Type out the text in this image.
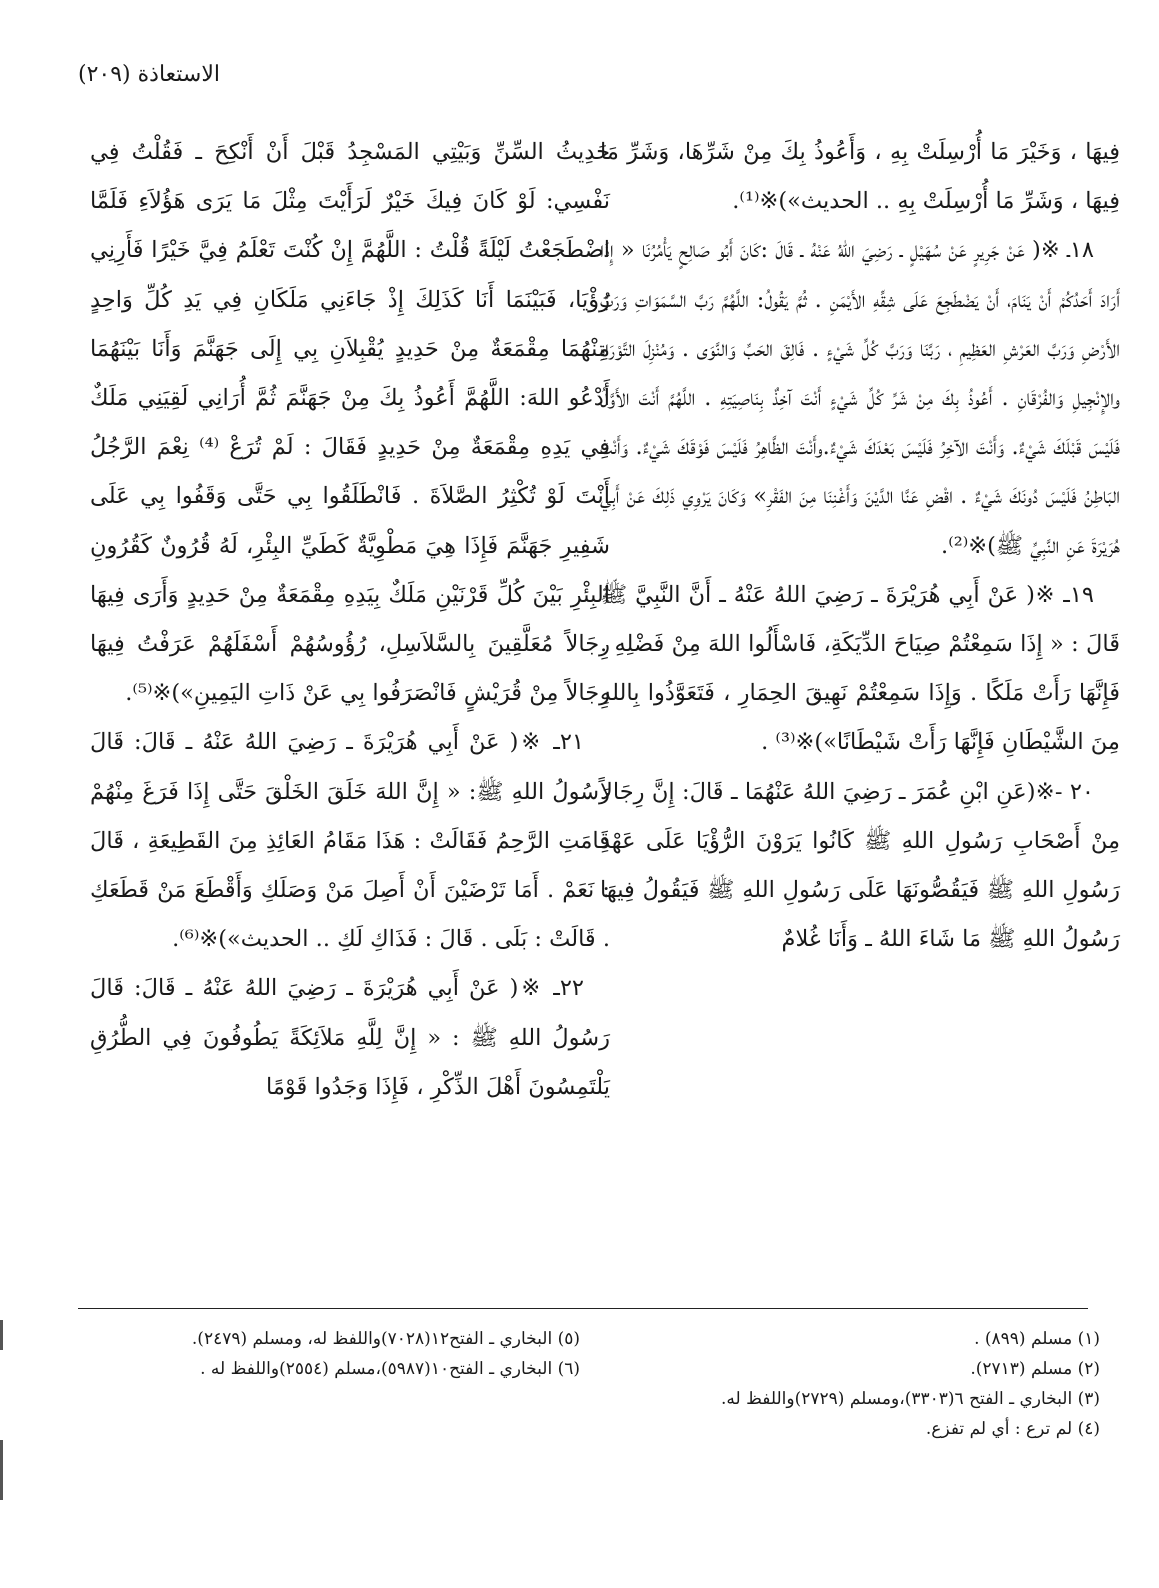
الاستعاذة (٢٠٩)

فِيهَا ، وَخَيْرَ مَا أُرْسِلَتْ بِهِ ، وَأَعُوذُ بِكَ مِنْ شَرِّهَا، وَشَرِّ مَا فِيهَا ، وَشَرِّ مَا أُرْسِلَتْ بِهِ .. الحديث»)※⁽¹⁾.

١٨ـ ※( عَنْ جَرِيرٍ عَنْ سُهَيْلٍ ـ رَضِيَ اللهُ عَنْهُ ـ قَالَ :كَانَ أَبُو صَالِحٍ يَأْمُرُنَا « إِذَا أَرَادَ أَحَدُكُمْ أَنْ يَنَامَ، أَنْ يَضْطَجِعَ عَلَى شِقِّهِ الأَيْمَنِ . ثُمَّ يَقُولُ: اللَّهُمَّ رَبَّ السَّمَوَاتِ وَرَبَّ الأَرْضِ وَرَبَّ العَرْشِ العَظِيمِ ، رَبَّنَا وَرَبَّ كُلِّ شَيْءٍ . فَالِقَ الحَبِّ وَالنَّوَى . وَمُنْزِلَ التَّوْرَاةِ والإِنْجِيلِ وَالفُرْقَانِ . أَعُوذُ بِكَ مِنْ شَرِّ كُلِّ شَيْءٍ أَنْتَ آخِذٌ بِنَاصِيَتِهِ . اللَّهُمَّ أَنْتَ الأَوَّلُ فَلَيْسَ قَبْلَكَ شَيْءٌ. وَأَنْتَ الآخِرُ فَلَيْسَ بَعْدَكَ شَيْءٌ.وأَنْتَ الظَّاهِرُ فَلَيْسَ فَوْقَكَ شَيْءٌ. وَأَنْتَ البَاطِنُ فَلَيْسَ دُونَكَ شَيْءٌ . اقْضِ عَنَّا الدَّيْنَ وَأَغْنِنَا مِنَ الفَقْرِ» وَكَانَ يَرْوِي ذَلِكَ عَنْ أَبِي هُرَيْرَةَ عَنِ النَّبِيِّ ﷺ)※⁽²⁾.

١٩ـ ※( عَنْ أَبِي هُرَيْرَةَ ـ رَضِيَ اللهُ عَنْهُ ـ أَنَّ النَّبِيَّ ﷺ قَالَ : « إِذَا سَمِعْتُمْ صِيَاحَ الدِّيَكَةِ، فَاسْأَلُوا اللهَ مِنْ فَضْلِهِ . فَإِنَّهَا رَأَتْ مَلَكًا . وَإِذَا سَمِعْتُمْ نَهِيقَ الحِمَارِ ، فَتَعَوَّذُوا بِاللهِ مِنَ الشَّيْطَانِ فَإِنَّهَا رَأَتْ شَيْطَانًا»)※⁽³⁾ .

٢٠ -※(عَنِ ابْنِ عُمَرَ ـ رَضِيَ اللهُ عَنْهُمَا ـ قَالَ: إِنَّ رِجَالاً مِنْ أَصْحَابِ رَسُولِ اللهِ ﷺ كَانُوا يَرَوْنَ الرُّؤْيَا عَلَى عَهْدِ رَسُولِ اللهِ ﷺ فَيَقُصُّونَهَا عَلَى رَسُولِ اللهِ ﷺ فَيَقُولُ فِيهَا رَسُولُ اللهِ ﷺ مَا شَاءَ اللهُ ـ وَأَنَا غُلامٌ

حَدِيثُ السِّنِّ وَبَيْتِي المَسْجِدُ قَبْلَ أَنْ أَنْكِحَ ـ فَقُلْتُ فِي نَفْسِي: لَوْ كَانَ فِيكَ خَيْرٌ لَرَأَيْتَ مِثْلَ مَا يَرَى هَؤُلاَءِ فَلَمَّا اضْطَجَعْتُ لَيْلَةً قُلْتُ : اللَّهُمَّ إِنْ كُنْتَ تَعْلَمُ فِيَّ خَيْرًا فَأَرِنِي رُؤْيَا، فَبَيْنَمَا أَنَا كَذَلِكَ إِذْ جَاءَنِي مَلَكَانِ فِي يَدِ كُلِّ وَاحِدٍ مِنْهُمَا مِقْمَعَةٌ مِنْ حَدِيدٍ يُقْبِلاَنِ بِي إِلَى جَهَنَّمَ وَأَنَا بَيْنَهُمَا أَدْعُو اللهَ: اللَّهُمَّ أَعُوذُ بِكَ مِنْ جَهَنَّمَ ثُمَّ أُرَانِي لَقِيَنِي مَلَكٌ فِي يَدِهِ مِقْمَعَةٌ مِنْ حَدِيدٍ فَقَالَ : لَمْ تُرَعْ ⁽⁴⁾ نِعْمَ الرَّجُلُ أَنْتَ لَوْ تُكْثِرُ الصَّلاَةَ . فَانْطَلَقُوا بِي حَتَّى وَقَفُوا بِي عَلَى شَفِيرِ جَهَنَّمَ فَإِذَا هِيَ مَطْوِيَّةٌ كَطَيِّ البِئْرِ، لَهُ قُرُونٌ كَقُرُونِ البِئْرِ بَيْنَ كُلِّ قَرْنَيْنِ مَلَكٌ بِيَدِهِ مِقْمَعَةٌ مِنْ حَدِيدٍ وَأَرَى فِيهَا رِجَالاً مُعَلَّقِينَ بِالسَّلاَسِلِ، رُؤُوسُهُمْ أَسْفَلَهُمْ عَرَفْتُ فِيهَا رِجَالاً مِنْ قُرَيْشٍ فَانْصَرَفُوا بِي عَنْ ذَاتِ اليَمِينِ»)※⁽⁵⁾.

٢١ـ ※( عَنْ أَبِي هُرَيْرَةَ ـ رَضِيَ اللهُ عَنْهُ ـ قَالَ: قَالَ رَسُولُ اللهِ ﷺ: « إِنَّ اللهَ خَلَقَ الخَلْقَ حَتَّى إِذَا فَرَغَ مِنْهُمْ قَامَتِ الرَّحِمُ فَقَالَتْ : هَذَا مَقَامُ العَائِذِ مِنَ القَطِيعَةِ ، قَالَ : نَعَمْ . أَمَا تَرْضَيْنَ أَنْ أَصِلَ مَنْ وَصَلَكِ وَأَقْطَعَ مَنْ قَطَعَكِ . قَالَتْ : بَلَى . قَالَ : فَذَاكِ لَكِ .. الحديث»)※⁽⁶⁾.

٢٢ـ ※( عَنْ أَبِي هُرَيْرَةَ ـ رَضِيَ اللهُ عَنْهُ ـ قَالَ: قَالَ رَسُولُ اللهِ ﷺ : « إِنَّ لِلَّهِ مَلاَئِكَةً يَطُوفُونَ فِي الطُّرُقِ يَلْتَمِسُونَ أَهْلَ الذِّكْرِ ، فَإِذَا وَجَدُوا قَوْمًا

(١) مسلم (٨٩٩) .

(٢) مسلم (٢٧١٣).

(٣) البخاري ـ الفتح ٦(٣٣٠٣)،ومسلم (٢٧٢٩)واللفظ له.

(٤) لم ترع : أي لم تفزع.

(٥) البخاري ـ الفتح١٢(٧٠٢٨)واللفظ له، ومسلم (٢٤٧٩).

(٦) البخاري ـ الفتح١٠(٥٩٨٧)،مسلم (٢٥٥٤)واللفظ له .
